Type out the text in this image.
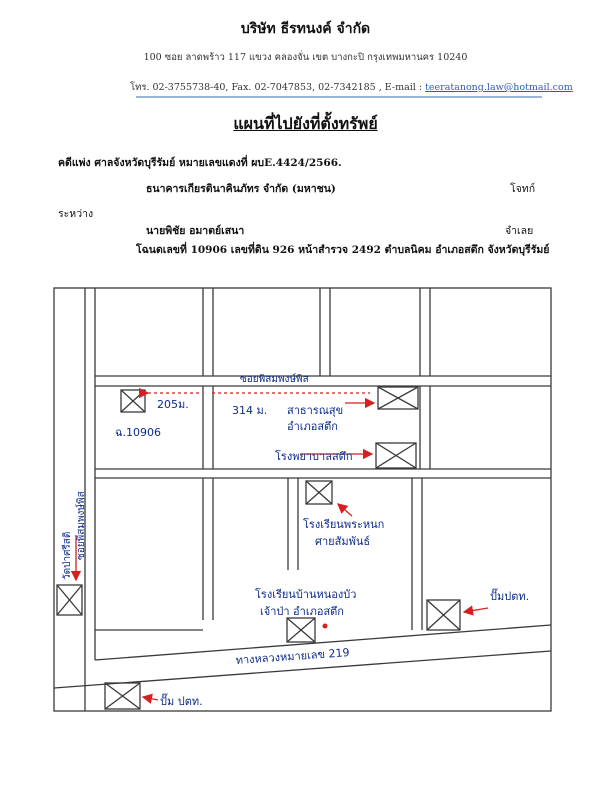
บริษัท ธีรทนงค์ จำกัด
100 ซอย ลาดพร้าว 117 แขวง คลองจั่น เขต บางกะปิ กรุงเทพมหานคร 10240
โทร. 02-3755738-40, Fax. 02-7047853, 02-7342185 , E-mail : teeratanong.law@hotmail.com
แผนที่ไปยังที่ตั้งทรัพย์
คดีแพ่ง ศาลจังหวัดบุรีรัมย์ หมายเลขแดงที่ ผบE.4424/2566.
ธนาคารเกียรตินาคินภัทร จำกัด (มหาชน)	โจทก์
ระหว่าง
นายพิชัย อมาตย์เสนา	จำเลย
โฉนดเลขที่ 10906 เลขที่ดิน 926 หน้าสำรวจ 2492 ตำบลนิคม อำเภอสตึก จังหวัดบุรีรัมย์
ซอยพิสมพงษ์พิส
205ม.	314 ม. สาธารณสุข
อำเภอสตึก
ฉ.10906
โรงพยาบาลสตึก
โรงเรียนพระหนก
ศายสัมพันธ์
ซอยพิสมพงษ์พิส
วัดป่าศรีสติ
โรงเรียนบ้านหนองบัว
เจ้าป่า อำเภอสตึก
ปั๊มปตท.
ทางหลวงหมายเลข 219
ปั๊ม ปตท.
